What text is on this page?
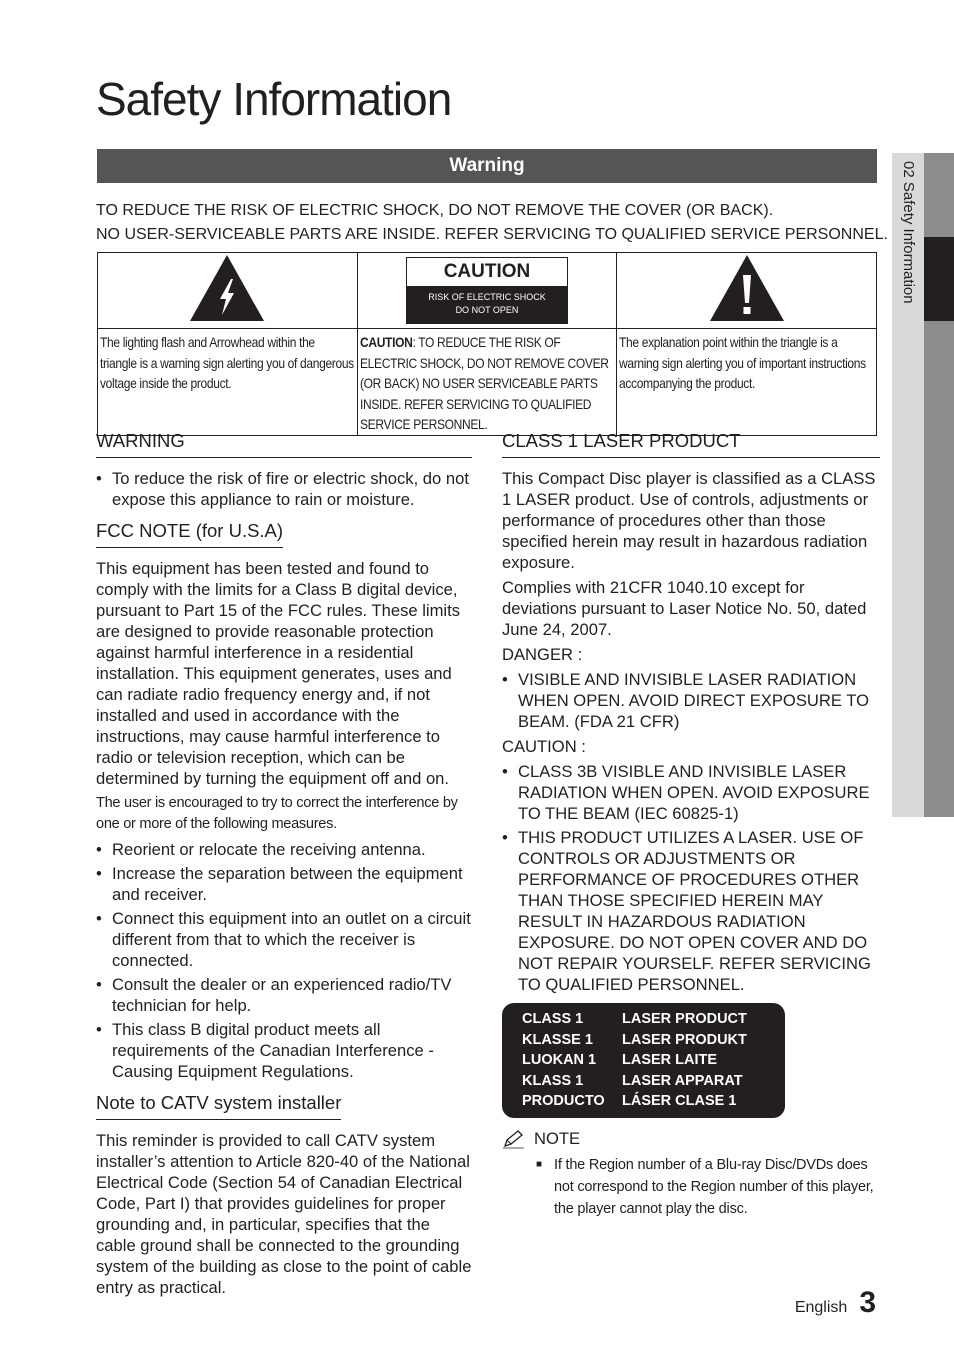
Safety Information
Warning
TO REDUCE THE RISK OF ELECTRIC SHOCK, DO NOT REMOVE THE COVER (OR BACK).
NO USER-SERVICEABLE PARTS ARE INSIDE. REFER SERVICING TO QUALIFIED SERVICE PERSONNEL.

CAUTION
RISK OF ELECTRIC SHOCK
DO NOT OPEN

The lighting flash and Arrowhead within the triangle is a warning sign alerting you of dangerous voltage inside the product.	CAUTION: TO REDUCE THE RISK OF ELECTRIC SHOCK, DO NOT REMOVE COVER (OR BACK) NO USER SERVICEABLE PARTS INSIDE. REFER SERVICING TO QUALIFIED SERVICE PERSONNEL.	The explanation point within the triangle is a warning sign alerting you of important instructions accompanying the product.
WARNING
• To reduce the risk of fire or electric shock, do not expose this appliance to rain or moisture.
FCC NOTE (for U.S.A)

This equipment has been tested and found to comply with the limits for a Class B digital device, pursuant to Part 15 of the FCC rules. These limits are designed to provide reasonable protection against harmful interference in a residential installation. This equipment generates, uses and can radiate radio frequency energy and, if not installed and used in accordance with the instructions, may cause harmful interference to radio or television reception, which can be determined by turning the equipment off and on.

The user is encouraged to try to correct the interference by one or more of the following measures.

• Reorient or relocate the receiving antenna.
• Increase the separation between the equipment and receiver.
• Connect this equipment into an outlet on a circuit different from that to which the receiver is connected.
• Consult the dealer or an experienced radio/TV technician for help.
• This class B digital product meets all requirements of the Canadian Interference - Causing Equipment Regulations.
Note to CATV system installer

This reminder is provided to call CATV system installer’s attention to Article 820-40 of the National Electrical Code (Section 54 of Canadian Electrical Code, Part I) that provides guidelines for proper grounding and, in particular, specifies that the cable ground shall be connected to the grounding system of the building as close to the point of cable entry as practical.

CLASS 1 LASER PRODUCT

This Compact Disc player is classified as a CLASS 1 LASER product. Use of controls, adjustments or performance of procedures other than those specified herein may result in hazardous radiation exposure.

Complies with 21CFR 1040.10 except for deviations pursuant to Laser Notice No. 50, dated June 24, 2007.

DANGER :
• VISIBLE AND INVISIBLE LASER RADIATION WHEN OPEN. AVOID DIRECT EXPOSURE TO BEAM. (FDA 21 CFR)
CAUTION :
• CLASS 3B VISIBLE AND INVISIBLE LASER RADIATION WHEN OPEN. AVOID EXPOSURE TO THE BEAM (IEC 60825-1)
• THIS PRODUCT UTILIZES A LASER. USE OF CONTROLS OR ADJUSTMENTS OR PERFORMANCE OF PROCEDURES OTHER THAN THOSE SPECIFIED HEREIN MAY RESULT IN HAZARDOUS RADIATION EXPOSURE. DO NOT OPEN COVER AND DO NOT REPAIR YOURSELF. REFER SERVICING TO QUALIFIED PERSONNEL.
CLASS 1	LASER PRODUCT
KLASSE 1	LASER PRODUKT
LUOKAN 1	LASER LAITE
KLASS 1	LASER APPARAT
PRODUCTO	LÁSER CLASE 1
NOTE
■ If the Region number of a Blu-ray Disc/DVDs does not correspond to the Region number of this player, the player cannot play the disc.
02 Safety Information
English 3
